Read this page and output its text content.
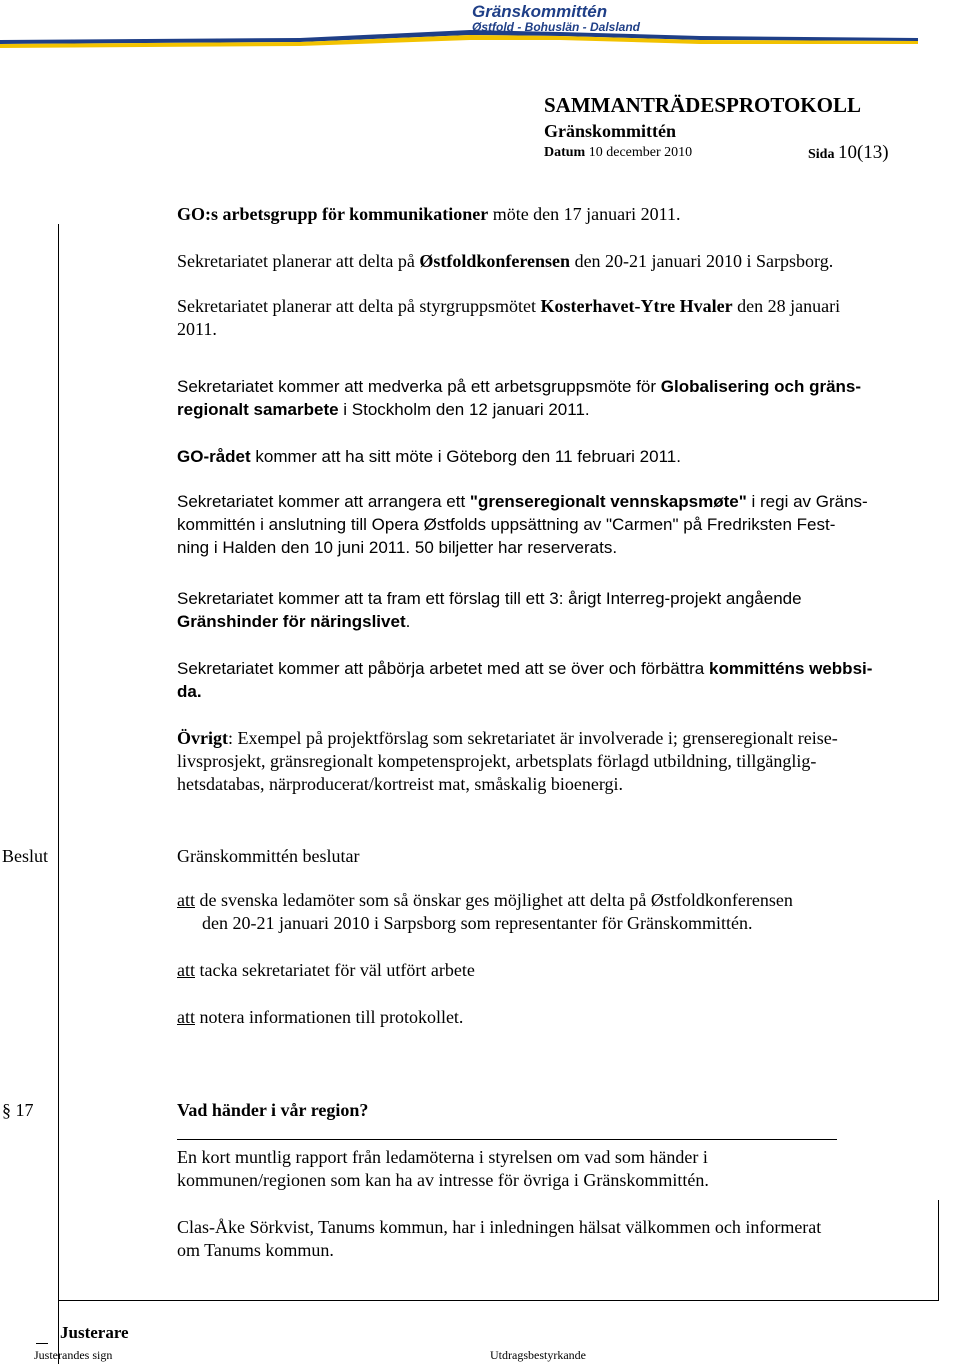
Gränskommittén
Østfold - Bohuslän - Dalsland
SAMMANTRÄDESPROTOKOLL
Gränskommittén
Datum 10 december 2010	Sida 10(13)
GO:s arbetsgrupp för kommunikationer möte den 17 januari 2011.
Sekretariatet planerar att delta på Østfoldkonferensen den 20-21 januari 2010 i Sarpsborg.
Sekretariatet planerar att delta på styrgruppsmötet Kosterhavet-Ytre Hvaler den 28 januari
2011.
Sekretariatet kommer att medverka på ett arbetsgruppsmöte för Globalisering och gräns-
regionalt samarbete i Stockholm den 12 januari 2011.
GO-rådet kommer att ha sitt möte i Göteborg den 11 februari 2011.
Sekretariatet kommer att arrangera ett "grenseregionalt vennskapsmøte" i regi av Gräns-
kommittén i anslutning till Opera Østfolds uppsättning av "Carmen" på Fredriksten Fest-
ning i Halden den 10 juni 2011. 50 biljetter har reserverats.
Sekretariatet kommer att ta fram ett förslag till ett 3: årigt Interreg-projekt angående
Gränshinder för näringslivet.
Sekretariatet kommer att påbörja arbetet med att se över och förbättra kommitténs webbsi-
da.
Övrigt: Exempel på projektförslag som sekretariatet är involverade i; grenseregionalt reise-
livsprosjekt, gränsregionalt kompetensprojekt, arbetsplats förlagd utbildning, tillgänglig-
hetsdatabas, närproducerat/kortreist mat, småskalig bioenergi.
Beslut	Gränskommittén beslutar
att de svenska ledamöter som så önskar ges möjlighet att delta på Østfoldkonferensen
den 20-21 januari 2010 i Sarpsborg som representanter för Gränskommittén.
att tacka sekretariatet för väl utfört arbete
att notera informationen till protokollet.
§ 17	Vad händer i vår region?
En kort muntlig rapport från ledamöterna i styrelsen om vad som händer i
kommunen/regionen som kan ha av intresse för övriga i Gränskommittén.
Clas-Åke Sörkvist, Tanums kommun, har i inledningen hälsat välkommen och informerat
om Tanums kommun.
Justerare
Justerandes sign	Utdragsbestyrkande
